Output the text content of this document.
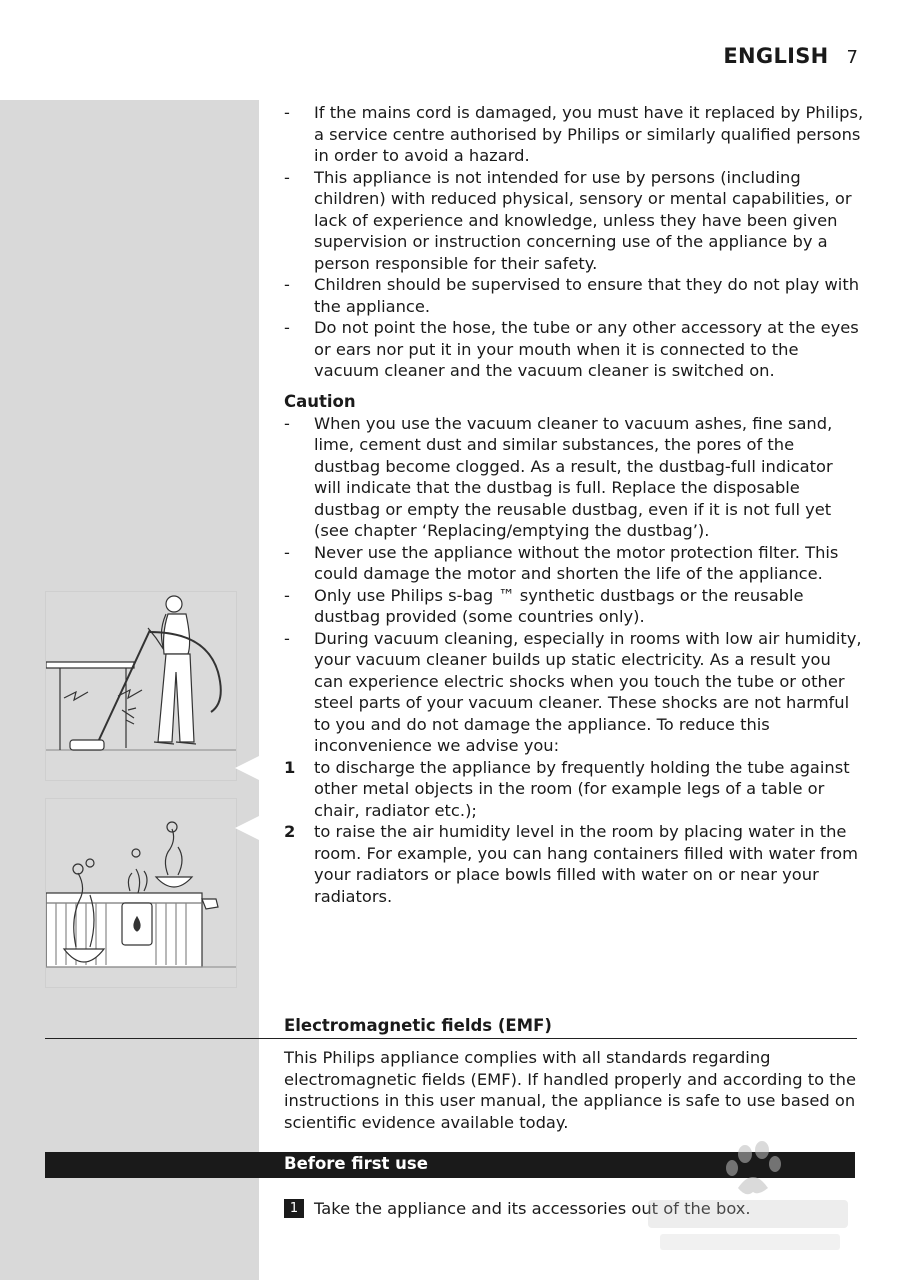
ENGLISH 7

- If the mains cord is damaged, you must have it replaced by Philips, a service centre authorised by Philips or similarly qualified persons in order to avoid a hazard.

- This appliance is not intended for use by persons (including children) with reduced physical, sensory or mental capabilities, or lack of experience and knowledge, unless they have been given supervision or instruction concerning use of the appliance by a person responsible for their safety.

- Children should be supervised to ensure that they do not play with the appliance.

- Do not point the hose, the tube or any other accessory at the eyes or ears nor put it in your mouth when it is connected to the vacuum cleaner and the vacuum cleaner is switched on.

Caution

- When you use the vacuum cleaner to vacuum ashes, fine sand, lime, cement dust and similar substances, the pores of the dustbag become clogged. As a result, the dustbag-full indicator will indicate that the dustbag is full. Replace the disposable dustbag or empty the reusable dustbag, even if it is not full yet (see chapter ‘Replacing/emptying the dustbag’).

- Never use the appliance without the motor protection filter. This could damage the motor and shorten the life of the appliance.

- Only use Philips s-bag ™ synthetic dustbags or the reusable dustbag provided (some countries only).

- During vacuum cleaning, especially in rooms with low air humidity, your vacuum cleaner builds up static electricity. As a result you can experience electric shocks when you touch the tube or other steel parts of your vacuum cleaner. These shocks are not harmful to you and do not damage the appliance. To reduce this inconvenience we advise you:

1 to discharge the appliance by frequently holding the tube against other metal objects in the room (for example legs of a table or chair, radiator etc.);

2 to raise the air humidity level in the room by placing water in the room. For example, you can hang containers filled with water from your radiators or place bowls filled with water on or near your radiators.

Electromagnetic fields (EMF)

This Philips appliance complies with all standards regarding electromagnetic fields (EMF). If handled properly and according to the instructions in this user manual, the appliance is safe to use based on scientific evidence available today.

Before first use
1 Take the appliance and its accessories out of the box.
